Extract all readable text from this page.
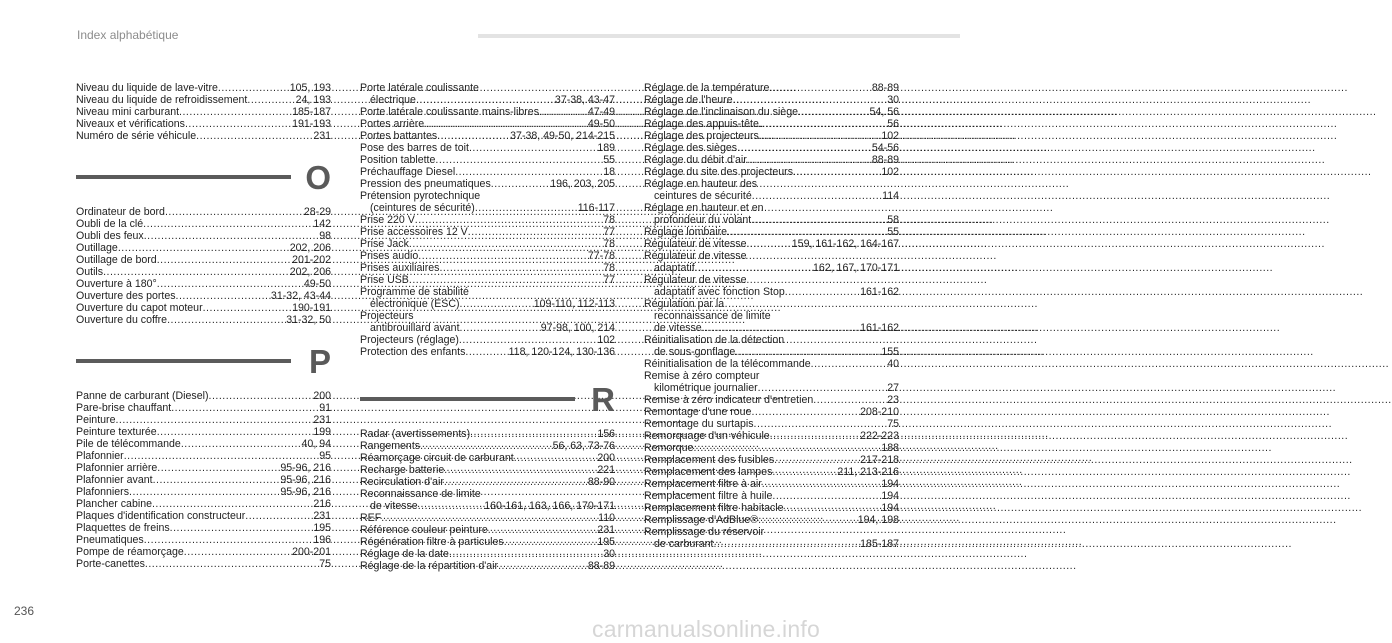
Index alphabétique
Niveau du liquide de lave-vitre .....	105, 193
Niveau du liquide de refroidissement .....	24, 193
Niveau mini carburant .....	185-187
Niveaux et vérifications .....	191-193
Numéro de série véhicule .....	231
O
Ordinateur de bord .....	28-29
Oubli de la clé .....	142
Oubli des feux .....	98
Outillage .....	202, 206
Outillage de bord .....	201-202
Outils .....	202, 206
Ouverture à 180° .....	49-50
Ouverture des portes .....	31-32, 43-44
Ouverture du capot moteur .....	190-191
Ouverture du coffre .....	31-32, 50
P
Panne de carburant (Diesel) .....	200
Pare-brise chauffant .....	91
Peinture .....	231
Peinture texturée .....	199
Pile de télécommande .....	40, 94
Plafonnier .....	95
Plafonnier arrière .....	95-96, 216
Plafonnier avant .....	95-96, 216
Plafonniers .....	95-96, 216
Plancher cabine .....	216
Plaques d'identification constructeur .....	231
Plaquettes de freins .....	195
Pneumatiques .....	196
Pompe de réamorçage .....	200-201
Porte-canettes .....	75
Porte latérale coulissante
électrique .....	37-38, 43-47
Porte latérale coulissante mains-libres .....	47-49
Portes arrière .....	49-50
Portes battantes .....	37-38, 49-50, 214-215
Pose des barres de toit .....	189
Position tablette .....	55
Préchauffage Diesel .....	18
Pression des pneumatiques .....	196, 203, 205
Prétension pyrotechnique
(ceintures de sécurité) .....	116-117
Prise 220 V .....	78
Prise accessoires 12 V .....	77
Prise Jack .....	78
Prises audio .....	77-78
Prises auxiliaires .....	78
Prise USB .....	77
Programme de stabilité
électronique (ESC) .....	109-110, 112-113
Projecteurs
antibrouillard avant .....	97-98, 100, 214
Projecteurs (réglage) .....	102
Protection des enfants .....	118, 120-124, 130-136
R
Radar (avertissements) .....	156
Rangements .....	56, 63, 73-76
Réamorçage circuit de carburant .....	200
Recharge batterie .....	221
Recirculation d'air .....	88-90
Reconnaissance de limite
de vitesse .....	160-161, 163, 166, 170-171
REF .....	110
Référence couleur peinture .....	231
Régénération filtre à particules .....	195
Réglage de la date .....	30
Réglage de la répartition d'air .....	88-89
Réglage de la température .....	88-89
Réglage de l'heure .....	30
Réglage de l'inclinaison du siège .....	54, 56
Réglage des appuis-tête .....	56
Réglage des projecteurs .....	102
Réglage des sièges .....	54-56
Réglage du débit d'air .....	88-89
Réglage du site des projecteurs .....	102
Réglage en hauteur des
ceintures de sécurité .....	114
Réglage en hauteur et en
profondeur du volant .....	58
Réglage lombaire .....	55
Régulateur de vitesse .....	159, 161-162, 164-167
Régulateur de vitesse
adaptatif .....	162, 167, 170-171
Régulateur de vitesse
adaptatif avec fonction Stop .....	161-162
Régulation par la
reconnaissance de limite
de vitesse .....	161-162
Réinitialisation de la détection
de sous-gonflage .....	155
Réinitialisation de la télécommande .....	40
Remise à zéro compteur
kilométrique journalier .....	27
Remise à zéro indicateur d'entretien .....	23
Remontage d'une roue .....	208-210
Remontage du surtapis .....	75
Remorquage d'un véhicule .....	222-223
Remorque .....	188
Remplacement des fusibles .....	217-218
Remplacement des lampes .....	211, 213-216
Remplacement filtre à air .....	194
Remplacement filtre à huile .....	194
Remplacement filtre habitacle .....	194
Remplissage d'AdBlue® .....	194, 198
Remplissage du réservoir
de carburant .....	185-187
236
carmanualsonline.info
